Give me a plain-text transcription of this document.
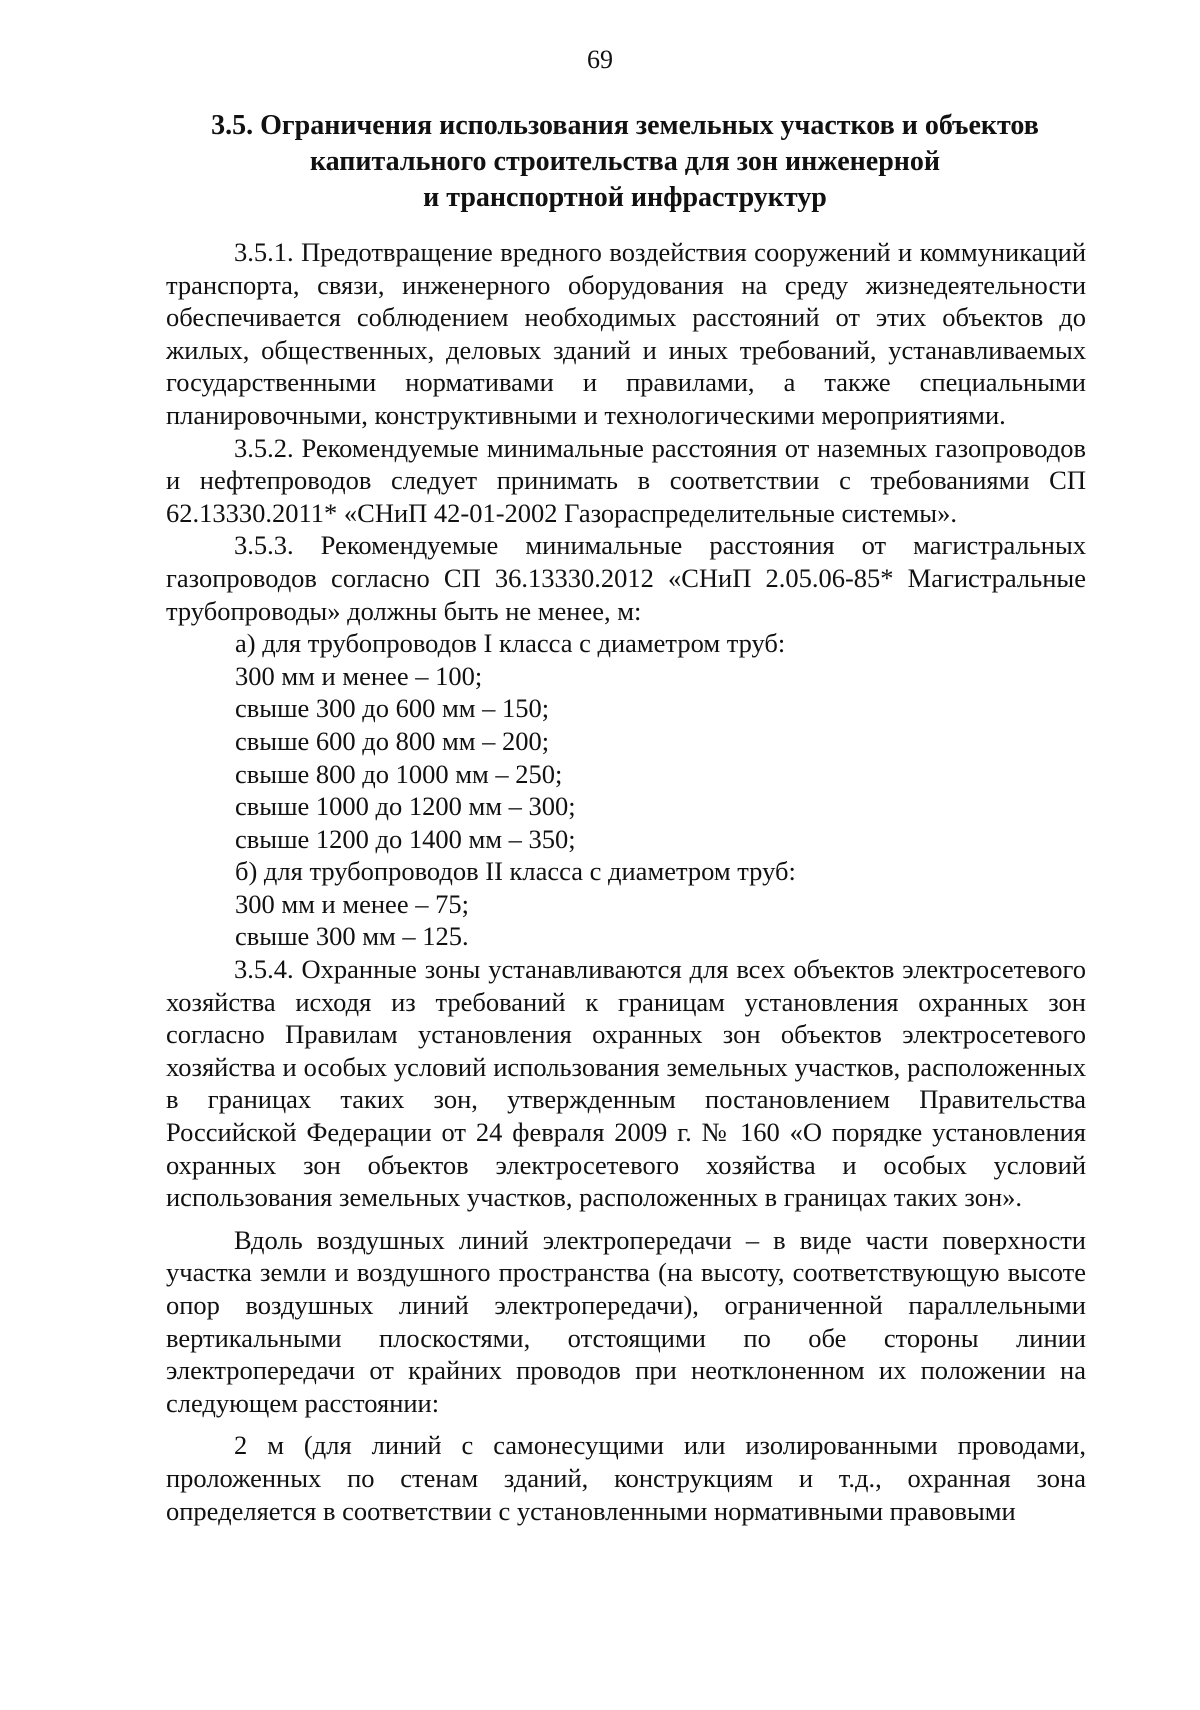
69
3.5. Ограничения использования земельных участков и объектов
капитального строительства для зон инженерной
и транспортной инфраструктур

3.5.1. Предотвращение вредного воздействия сооружений и коммуникаций транспорта, связи, инженерного оборудования на среду жизнедеятельности обеспечивается соблюдением необходимых расстояний от этих объектов до жилых, общественных, деловых зданий и иных требований, устанавливаемых государственными нормативами и правилами, а также специальными планировочными, конструктивными и технологическими мероприятиями.

3.5.2. Рекомендуемые минимальные расстояния от наземных газопроводов и нефтепроводов следует принимать в соответствии с требованиями СП 62.13330.2011* «СНиП 42-01-2002 Газораспределительные системы».

3.5.3. Рекомендуемые минимальные расстояния от магистральных газопроводов согласно СП 36.13330.2012 «СНиП 2.05.06-85* Магистральные трубопроводы» должны быть не менее, м:

а) для трубопроводов I класса с диаметром труб:

300 мм и менее – 100;

свыше 300 до 600 мм – 150;

свыше 600 до 800 мм – 200;

свыше 800 до 1000 мм – 250;

свыше 1000 до 1200 мм – 300;

свыше 1200 до 1400 мм – 350;

б) для трубопроводов II класса с диаметром труб:

300 мм и менее – 75;

свыше 300 мм – 125.

3.5.4. Охранные зоны устанавливаются для всех объектов электросетевого хозяйства исходя из требований к границам установления охранных зон согласно Правилам установления охранных зон объектов электросетевого хозяйства и особых условий использования земельных участков, расположенных в границах таких зон, утвержденным постановлением Правительства Российской Федерации от 24 февраля 2009 г. № 160 «О порядке установления охранных зон объектов электросетевого хозяйства и особых условий использования земельных участков, расположенных в границах таких зон».

Вдоль воздушных линий электропередачи – в виде части поверхности участка земли и воздушного пространства (на высоту, соответствующую высоте опор воздушных линий электропередачи), ограниченной параллельными вертикальными плоскостями, отстоящими по обе стороны линии электропередачи от крайних проводов при неотклоненном их положении на следующем расстоянии:

2 м (для линий с самонесущими или изолированными проводами, проложенных по стенам зданий, конструкциям и т.д., охранная зона определяется в соответствии с установленными нормативными правовыми
